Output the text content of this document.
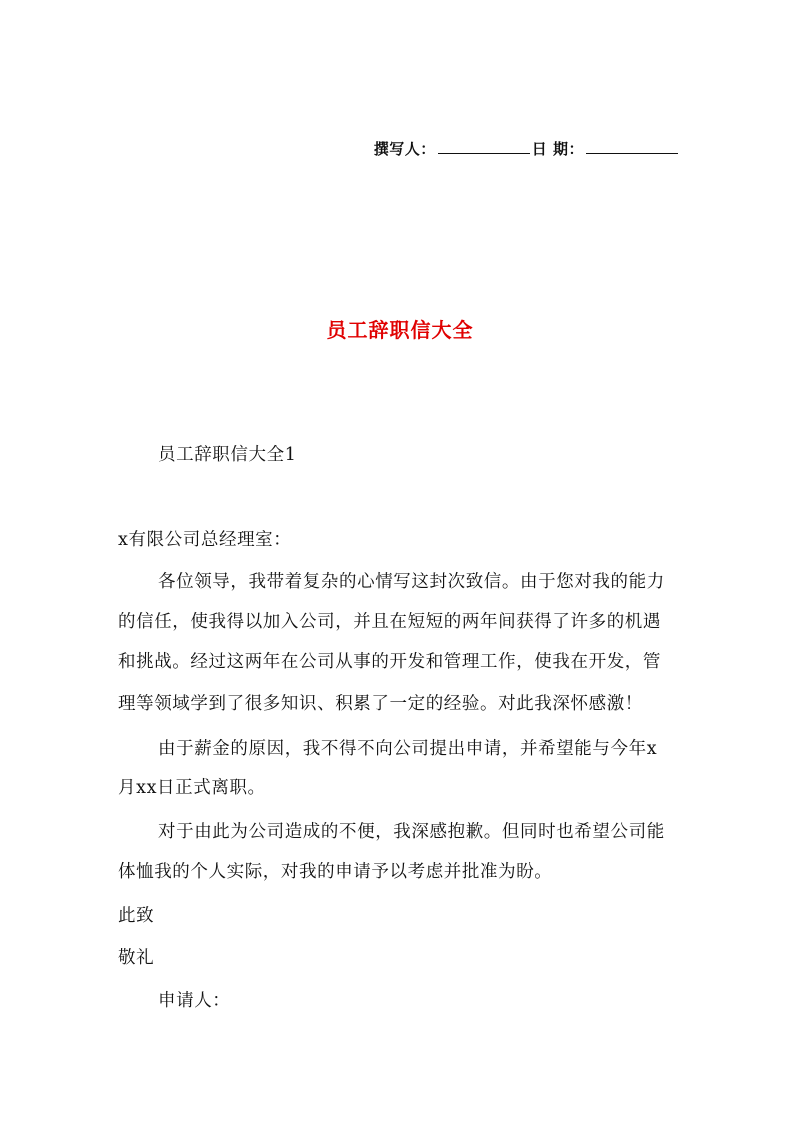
撰写人：	日 期：
员工辞职信大全
员工辞职信大全1
x有限公司总经理室：
各位领导，我带着复杂的心情写这封次致信。由于您对我的能力
的信任，使我得以加入公司，并且在短短的两年间获得了许多的机遇
和挑战。经过这两年在公司从事的开发和管理工作，使我在开发，管
理等领域学到了很多知识、积累了一定的经验。对此我深怀感激！
由于薪金的原因，我不得不向公司提出申请，并希望能与今年x
月xx日正式离职。
对于由此为公司造成的不便，我深感抱歉。但同时也希望公司能
体恤我的个人实际，对我的申请予以考虑并批准为盼。
此致
敬礼
申请人：
